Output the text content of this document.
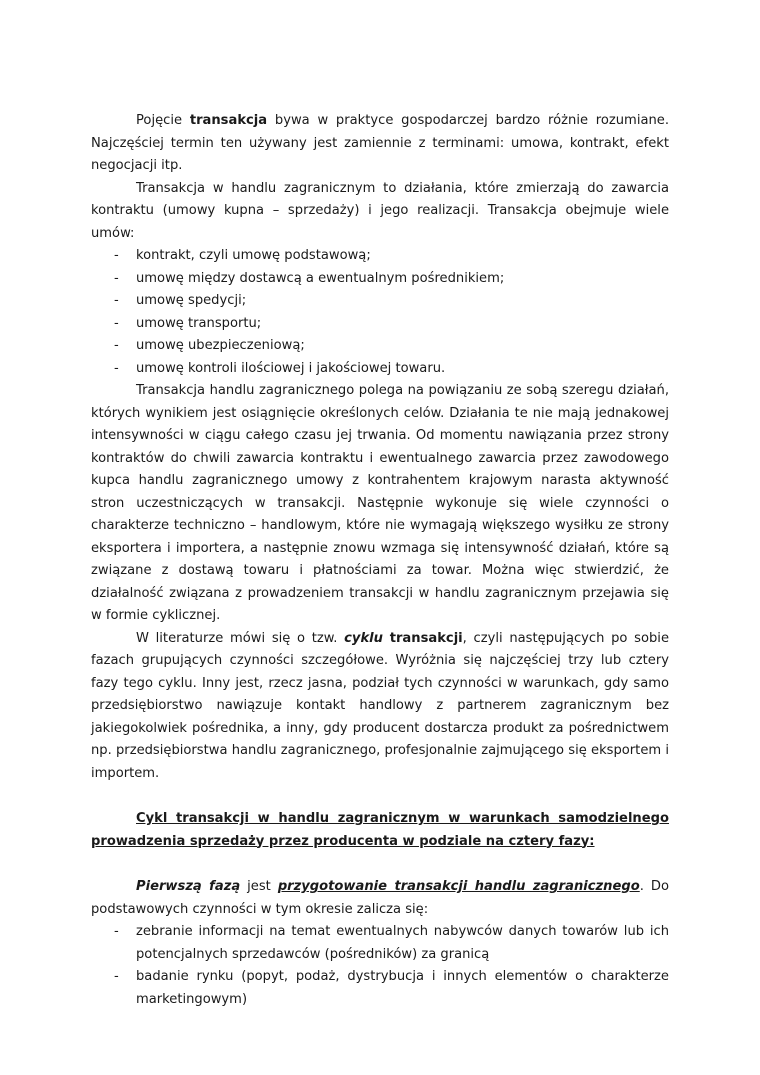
Pojęcie transakcja bywa w praktyce gospodarczej bardzo różnie rozumiane. Najczęściej termin ten używany jest zamiennie z terminami: umowa, kontrakt, efekt negocjacji itp.

Transakcja w handlu zagranicznym to działania, które zmierzają do zawarcia kontraktu (umowy kupna – sprzedaży) i jego realizacji. Transakcja obejmuje wiele umów:

- kontrakt, czyli umowę podstawową;
- umowę między dostawcą a ewentualnym pośrednikiem;
- umowę spedycji;
- umowę transportu;
- umowę ubezpieczeniową;
- umowę kontroli ilościowej i jakościowej towaru.

Transakcja handlu zagranicznego polega na powiązaniu ze sobą szeregu działań, których wynikiem jest osiągnięcie określonych celów. Działania te nie mają jednakowej intensywności w ciągu całego czasu jej trwania. Od momentu nawiązania przez strony kontraktów do chwili zawarcia kontraktu i ewentualnego zawarcia przez zawodowego kupca handlu zagranicznego umowy z kontrahentem krajowym narasta aktywność stron uczestniczących w transakcji. Następnie wykonuje się wiele czynności o charakterze techniczno – handlowym, które nie wymagają większego wysiłku ze strony eksportera i importera, a następnie znowu wzmaga się intensywność działań, które są związane z dostawą towaru i płatnościami za towar. Można więc stwierdzić, że działalność związana z prowadzeniem transakcji w handlu zagranicznym przejawia się w formie cyklicznej.

W literaturze mówi się o tzw. cyklu transakcji, czyli następujących po sobie fazach grupujących czynności szczegółowe. Wyróżnia się najczęściej trzy lub cztery fazy tego cyklu. Inny jest, rzecz jasna, podział tych czynności w warunkach, gdy samo przedsiębiorstwo nawiązuje kontakt handlowy z partnerem zagranicznym bez jakiegokolwiek pośrednika, a inny, gdy producent dostarcza produkt za pośrednictwem np. przedsiębiorstwa handlu zagranicznego, profesjonalnie zajmującego się eksportem i importem.

Cykl transakcji w handlu zagranicznym w warunkach samodzielnego prowadzenia sprzedaży przez producenta w podziale na cztery fazy:

Pierwszą fazą jest przygotowanie transakcji handlu zagranicznego. Do podstawowych czynności w tym okresie zalicza się:

- zebranie informacji na temat ewentualnych nabywców danych towarów lub ich potencjalnych sprzedawców (pośredników) za granicą
- badanie rynku (popyt, podaż, dystrybucja i innych elementów o charakterze marketingowym)
